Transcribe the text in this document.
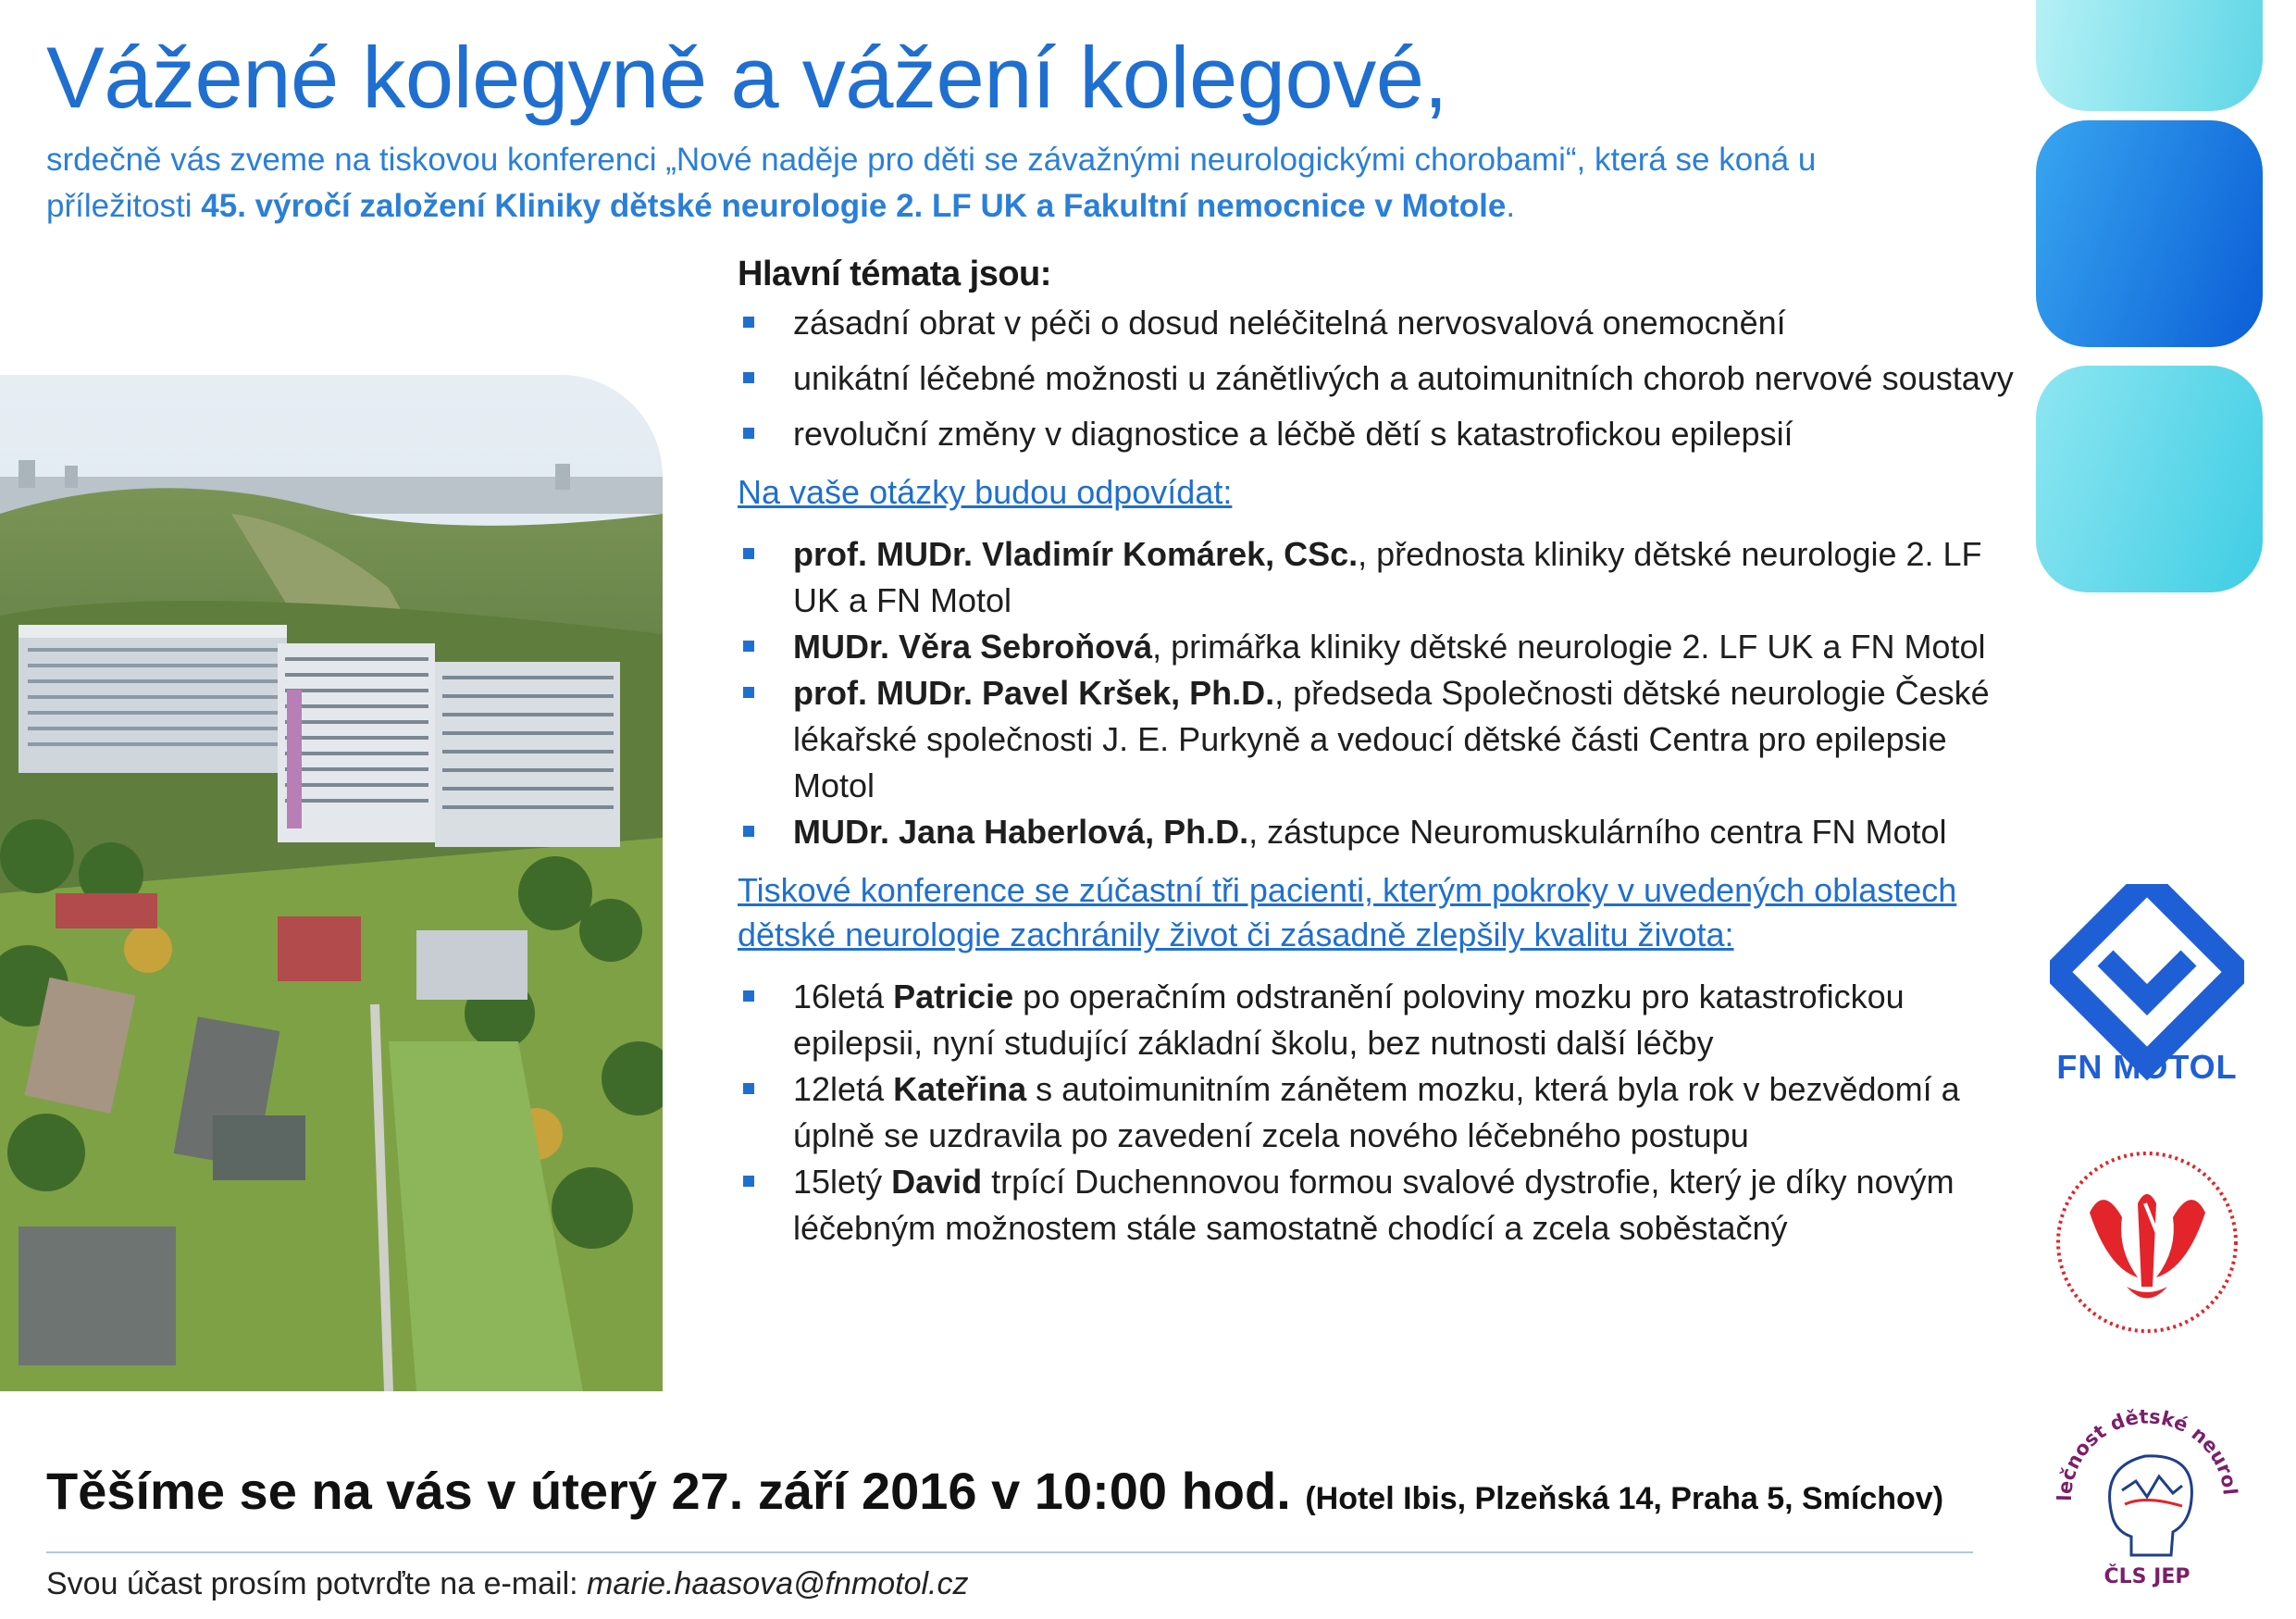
Vážené kolegyně a vážení kolegové,

srdečně vás zveme na tiskovou konferenci „Nové naděje pro děti se závažnými neurologickými chorobami“, která se koná u příležitosti 45. výročí založení Kliniky dětské neurologie 2. LF UK a Fakultní nemocnice v Motole.

Hlavní témata jsou:
zásadní obrat v péči o dosud neléčitelná nervosvalová onemocnění
unikátní léčebné možnosti u zánětlivých a autoimunitních chorob nervové soustavy
revoluční změny v diagnostice a léčbě dětí s katastrofickou epilepsií
Na vaše otázky budou odpovídat:
prof. MUDr. Vladimír Komárek, CSc., přednosta kliniky dětské neurologie 2. LF UK a FN Motol
MUDr. Věra Sebroňová, primářka kliniky dětské neurologie 2. LF UK a FN Motol
prof. MUDr. Pavel Kršek, Ph.D., předseda Společnosti dětské neurologie České lékařské společnosti J. E. Purkyně a vedoucí dětské části Centra pro epilepsie Motol
MUDr. Jana Haberlová, Ph.D., zástupce Neuromuskulárního centra FN Motol
Tiskové konference se zúčastní tři pacienti, kterým pokroky v uvedených oblastech dětské neurologie zachránily život či zásadně zlepšily kvalitu života:
16letá Patricie po operačním odstranění poloviny mozku pro katastrofickou epilepsii, nyní studující základní školu, bez nutnosti další léčby
12letá Kateřina s autoimunitním zánětem mozku, která byla rok v bezvědomí a úplně se uzdravila po zavedení zcela nového léčebného postupu
15letý David trpící Duchennovou formou svalové dystrofie, který je díky novým léčebným možnostem stále samostatně chodící a zcela soběstačný

Těšíme se na vás v úterý 27. září 2016 v 10:00 hod. (Hotel Ibis, Plzeňská 14, Praha 5, Smíchov)

Svou účast prosím potvrďte na e-mail: marie.haasova@fnmotol.cz
FN MOTOL
lečnost dětské neurol
ČLS JEP
